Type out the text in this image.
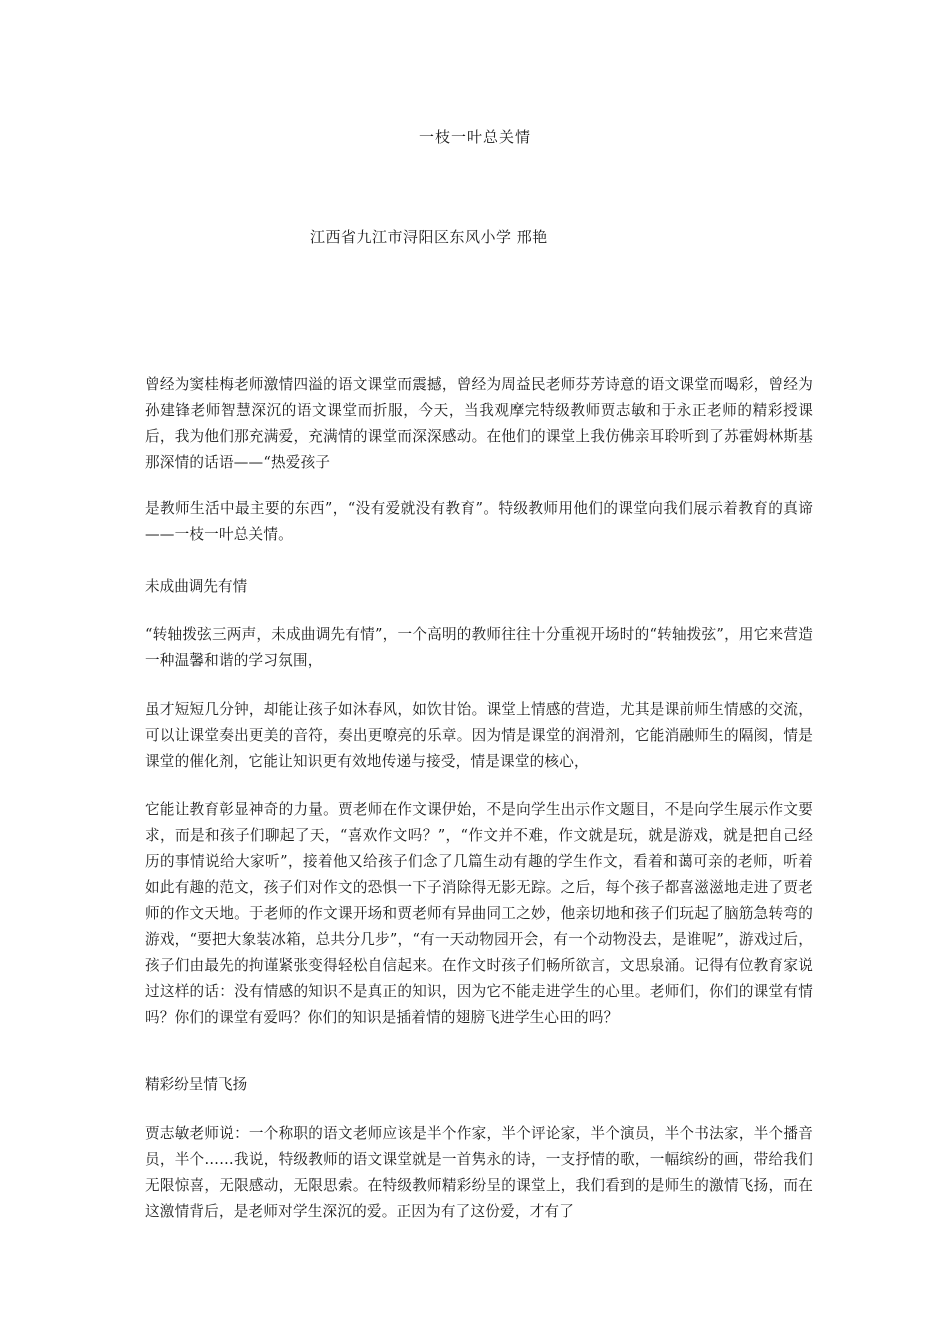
一枝一叶总关情

江西省九江市浔阳区东风小学 邢艳

曾经为窦桂梅老师激情四溢的语文课堂而震撼，曾经为周益民老师芬芳诗意的语文课堂而喝彩，曾经为孙建锋老师智慧深沉的语文课堂而折服，今天，当我观摩完特级教师贾志敏和于永正老师的精彩授课后，我为他们那充满爱，充满情的课堂而深深感动。在他们的课堂上我仿佛亲耳聆听到了苏霍姆林斯基那深情的话语——“热爱孩子

是教师生活中最主要的东西”，“没有爱就没有教育”。特级教师用他们的课堂向我们展示着教育的真谛——一枝一叶总关情。

未成曲调先有情

“转轴拨弦三两声，未成曲调先有情”，一个高明的教师往往十分重视开场时的“转轴拨弦”，用它来营造一种温馨和谐的学习氛围，

虽才短短几分钟，却能让孩子如沐春风，如饮甘饴。课堂上情感的营造，尤其是课前师生情感的交流，可以让课堂奏出更美的音符，奏出更嘹亮的乐章。因为情是课堂的润滑剂，它能消融师生的隔阂，情是课堂的催化剂，它能让知识更有效地传递与接受，情是课堂的核心，

它能让教育彰显神奇的力量。贾老师在作文课伊始，不是向学生出示作文题目，不是向学生展示作文要求，而是和孩子们聊起了天，“喜欢作文吗？”，“作文并不难，作文就是玩，就是游戏，就是把自己经历的事情说给大家听”，接着他又给孩子们念了几篇生动有趣的学生作文，看着和蔼可亲的老师，听着如此有趣的范文，孩子们对作文的恐惧一下子消除得无影无踪。之后，每个孩子都喜滋滋地走进了贾老师的作文天地。于老师的作文课开场和贾老师有异曲同工之妙，他亲切地和孩子们玩起了脑筋急转弯的游戏，“要把大象装冰箱，总共分几步”，“有一天动物园开会，有一个动物没去，是谁呢”，游戏过后，孩子们由最先的拘谨紧张变得轻松自信起来。在作文时孩子们畅所欲言，文思泉涌。记得有位教育家说过这样的话：没有情感的知识不是真正的知识，因为它不能走进学生的心里。老师们，你们的课堂有情吗？你们的课堂有爱吗？你们的知识是插着情的翅膀飞进学生心田的吗？

精彩纷呈情飞扬

贾志敏老师说：一个称职的语文老师应该是半个作家，半个评论家，半个演员，半个书法家，半个播音员，半个……我说，特级教师的语文课堂就是一首隽永的诗，一支抒情的歌，一幅缤纷的画，带给我们无限惊喜，无限感动，无限思索。在特级教师精彩纷呈的课堂上，我们看到的是师生的激情飞扬，而在这激情背后，是老师对学生深沉的爱。正因为有了这份爱，才有了
